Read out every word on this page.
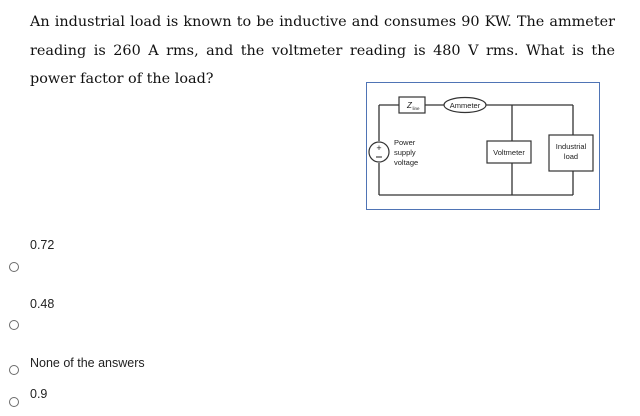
An industrial load is known to be inductive and consumes 90 KW. The ammeter reading is 260 A rms, and the voltmeter reading is 480 V rms. What is the power factor of the load?

Z line	Ammeter
+
Power
supply
voltage
Voltmeter
Industrial
load
0.72
0.48
None of the answers
0.9
